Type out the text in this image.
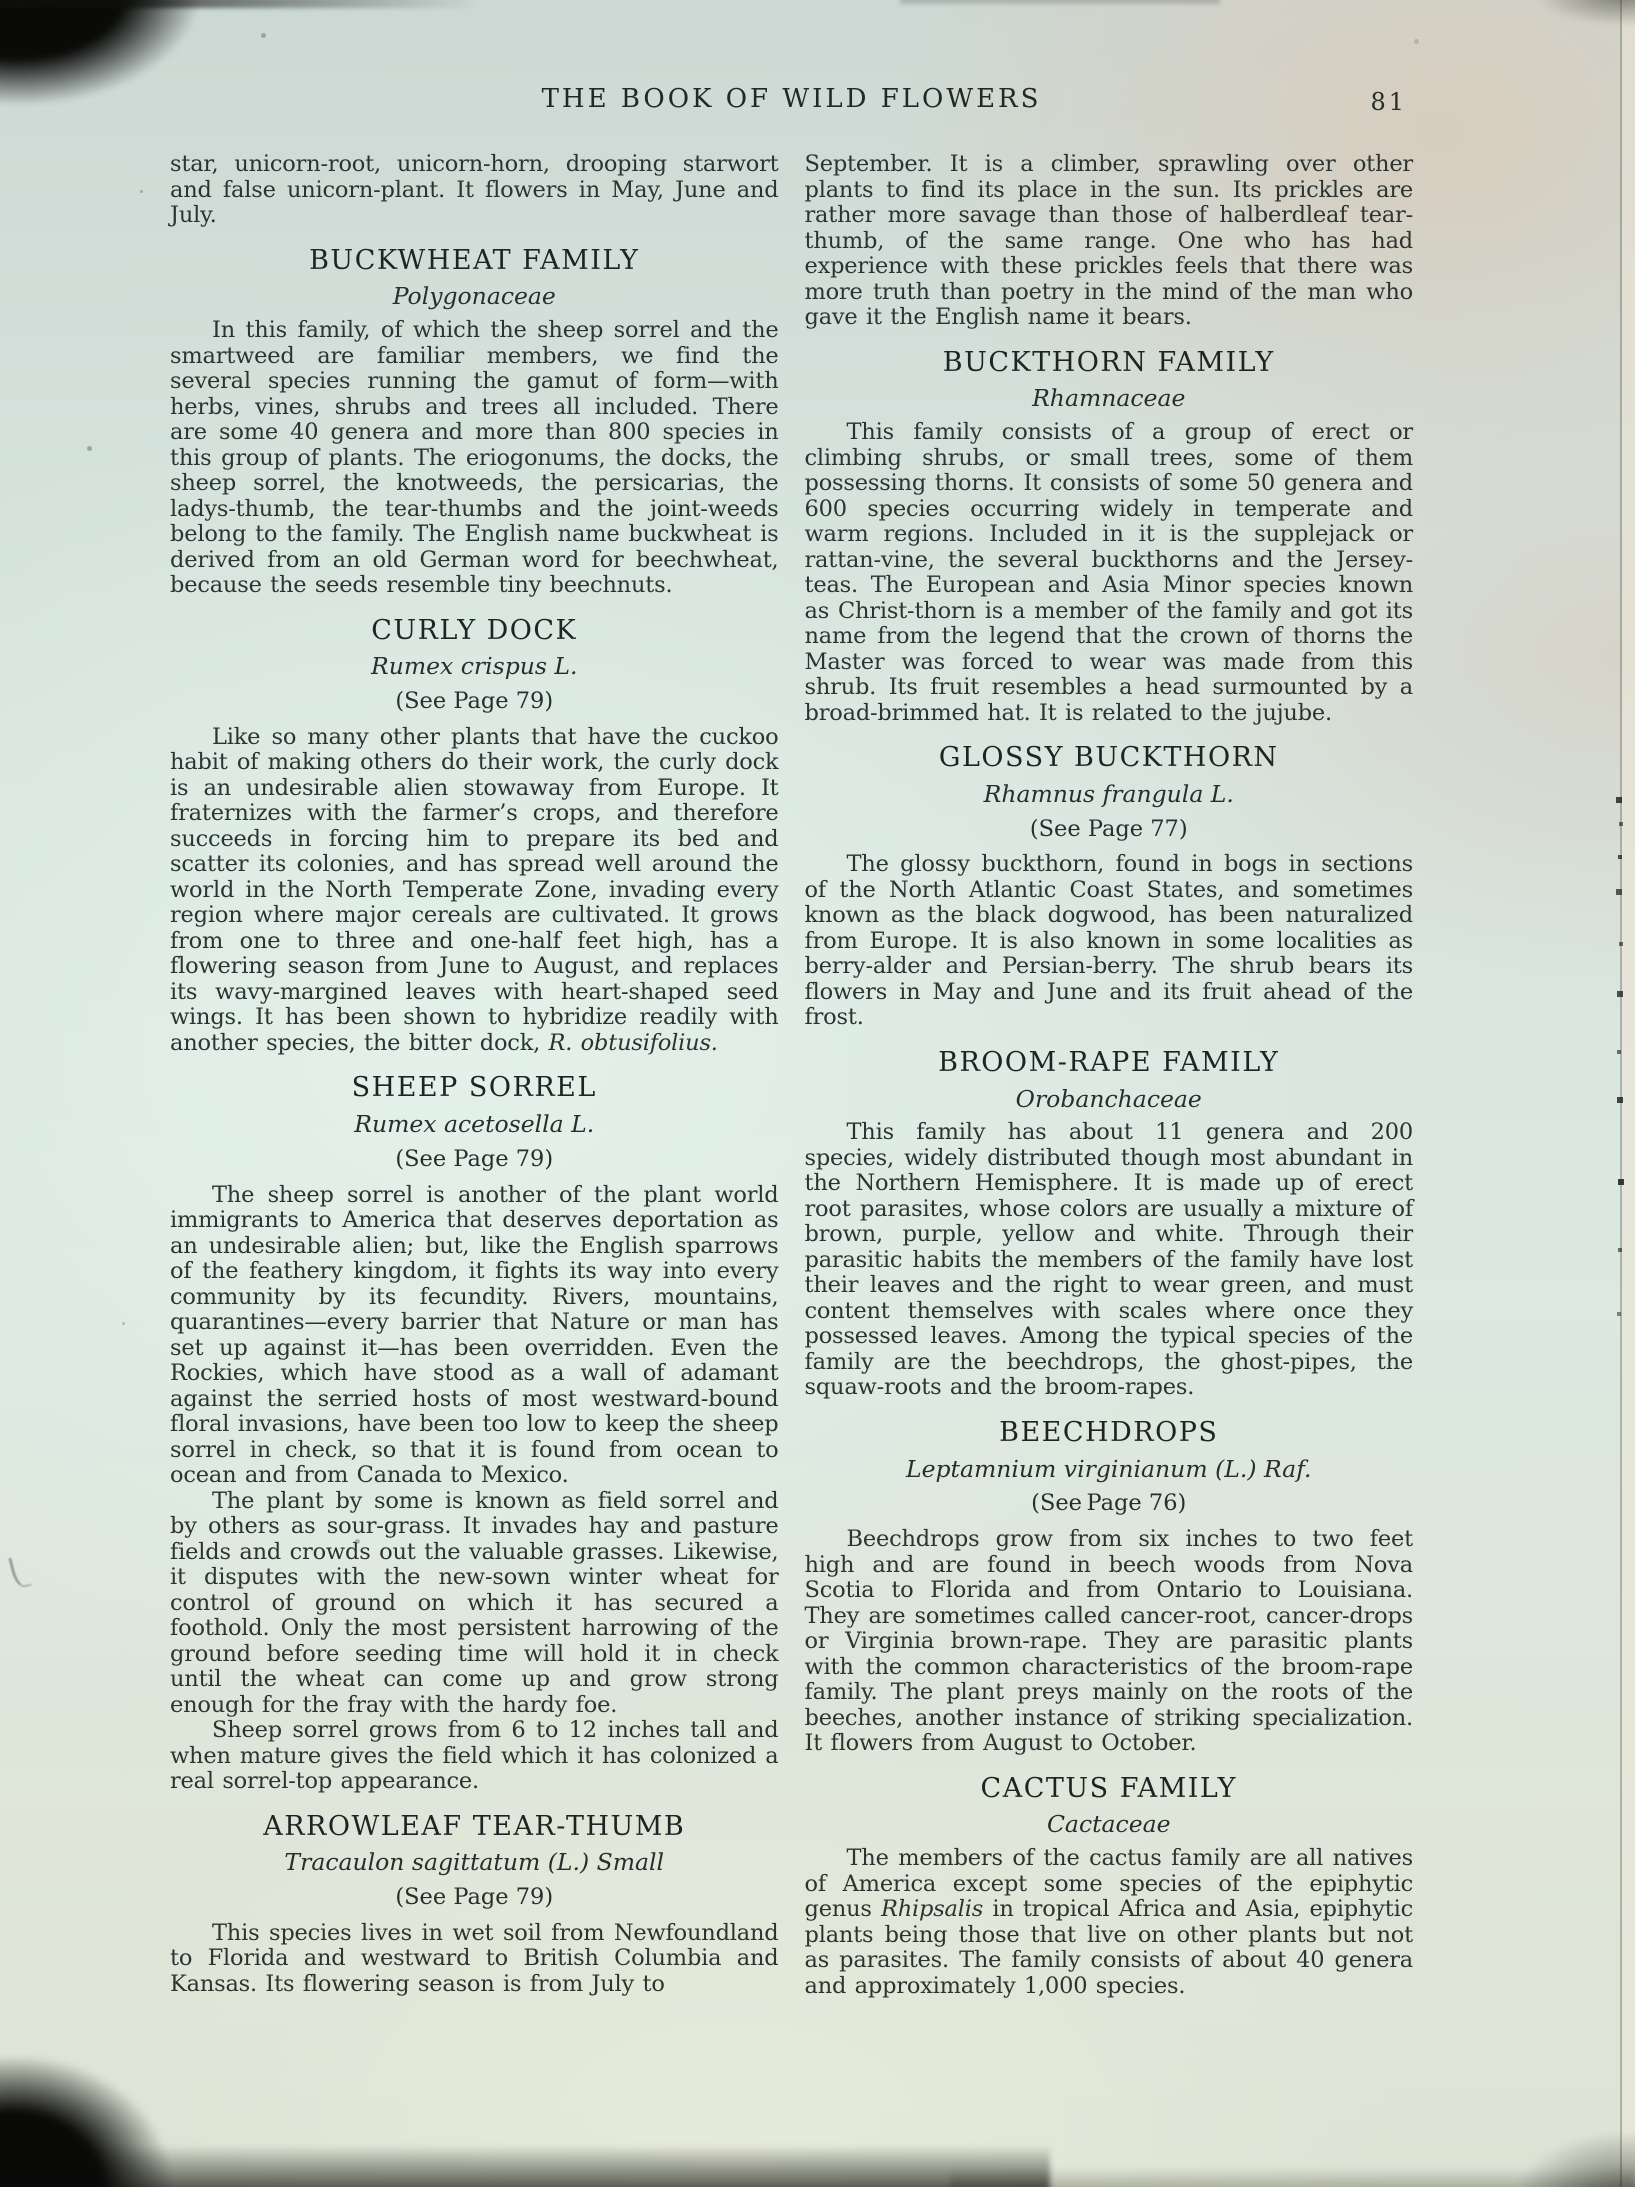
THE BOOK OF WILD FLOWERS	81

star, unicorn-root, unicorn-horn, drooping starwort and false unicorn-plant. It flowers in May, June and July.

BUCKWHEAT FAMILY
Polygonaceae

In this family, of which the sheep sorrel and the smartweed are familiar members, we find the several species running the gamut of form—with herbs, vines, shrubs and trees all included. There are some 40 genera and more than 800 species in this group of plants. The eriogonums, the docks, the sheep sorrel, the knotweeds, the persicarias, the ladys-thumb, the tear-thumbs and the joint-weeds belong to the family. The English name buckwheat is derived from an old German word for beechwheat, because the seeds resemble tiny beechnuts.

CURLY DOCK
Rumex crispus L.
(See Page 79)

Like so many other plants that have the cuckoo habit of making others do their work, the curly dock is an undesirable alien stowaway from Europe. It fraternizes with the farmer’s crops, and therefore succeeds in forcing him to prepare its bed and scatter its colonies, and has spread well around the world in the North Temperate Zone, invading every region where major cereals are cultivated. It grows from one to three and one-half feet high, has a flowering season from June to August, and replaces its wavy-margined leaves with heart-shaped seed wings. It has been shown to hybridize readily with another species, the bitter dock, R. obtusifolius.

SHEEP SORREL
Rumex acetosella L.
(See Page 79)

The sheep sorrel is another of the plant world immigrants to America that deserves deportation as an undesirable alien; but, like the English sparrows of the feathery kingdom, it fights its way into every community by its fecundity. Rivers, mountains, quarantines—every barrier that Nature or man has set up against it—has been overridden. Even the Rockies, which have stood as a wall of adamant against the serried hosts of most westward-bound floral invasions, have been too low to keep the sheep sorrel in check, so that it is found from ocean to ocean and from Canada to Mexico.

The plant by some is known as field sorrel and by others as sour-grass. It invades hay and pasture fields and crowds out the valuable grasses. Likewise, it disputes with the new-sown winter wheat for control of ground on which it has secured a foothold. Only the most persistent harrowing of the ground before seeding time will hold it in check until the wheat can come up and grow strong enough for the fray with the hardy foe.

Sheep sorrel grows from 6 to 12 inches tall and when mature gives the field which it has colonized a real sorrel-top appearance.

ARROWLEAF TEAR-THUMB
Tracaulon sagittatum (L.) Small
(See Page 79)

This species lives in wet soil from Newfoundland to Florida and westward to British Columbia and Kansas. Its flowering season is from July to

September. It is a climber, sprawling over other plants to find its place in the sun. Its prickles are rather more savage than those of halberdleaf tear-thumb, of the same range. One who has had experience with these prickles feels that there was more truth than poetry in the mind of the man who gave it the English name it bears.

BUCKTHORN FAMILY
Rhamnaceae

This family consists of a group of erect or climbing shrubs, or small trees, some of them possessing thorns. It consists of some 50 genera and 600 species occurring widely in temperate and warm regions. Included in it is the supplejack or rattan-vine, the several buckthorns and the Jersey-teas. The European and Asia Minor species known as Christ-thorn is a member of the family and got its name from the legend that the crown of thorns the Master was forced to wear was made from this shrub. Its fruit resembles a head surmounted by a broad-brimmed hat. It is related to the jujube.

GLOSSY BUCKTHORN
Rhamnus frangula L.
(See Page 77)

The glossy buckthorn, found in bogs in sections of the North Atlantic Coast States, and sometimes known as the black dogwood, has been naturalized from Europe. It is also known in some localities as berry-alder and Persian-berry. The shrub bears its flowers in May and June and its fruit ahead of the frost.

BROOM-RAPE FAMILY
Orobanchaceae

This family has about 11 genera and 200 species, widely distributed though most abundant in the Northern Hemisphere. It is made up of erect root parasites, whose colors are usually a mixture of brown, purple, yellow and white. Through their parasitic habits the members of the family have lost their leaves and the right to wear green, and must content themselves with scales where once they possessed leaves. Among the typical species of the family are the beechdrops, the ghost-pipes, the squaw-roots and the broom-rapes.

BEECHDROPS
Leptamnium virginianum (L.) Raf.
(See Page 76)

Beechdrops grow from six inches to two feet high and are found in beech woods from Nova Scotia to Florida and from Ontario to Louisiana. They are sometimes called cancer-root, cancer-drops or Virginia brown-rape. They are parasitic plants with the common characteristics of the broom-rape family. The plant preys mainly on the roots of the beeches, another instance of striking specialization. It flowers from August to October.

CACTUS FAMILY
Cactaceae

The members of the cactus family are all natives of America except some species of the epiphytic genus Rhipsalis in tropical Africa and Asia, epiphytic plants being those that live on other plants but not as parasites. The family consists of about 40 genera and approximately 1,000 species.
